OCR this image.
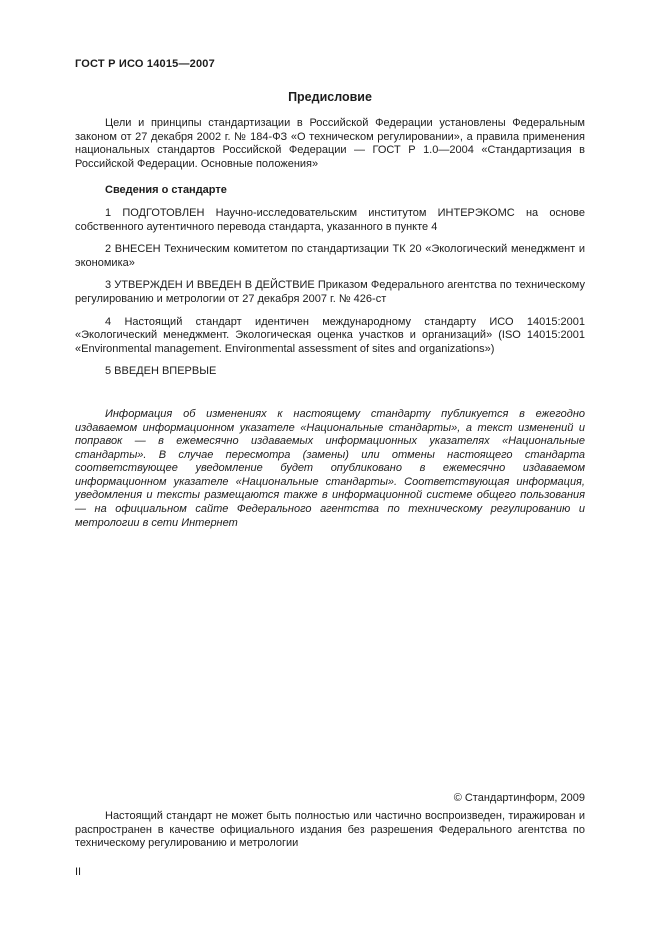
ГОСТ Р ИСО 14015—2007
Предисловие

Цели и принципы стандартизации в Российской Федерации установлены Федеральным законом от 27 декабря 2002 г. № 184-ФЗ «О техническом регулировании», а правила применения национальных стандартов Российской Федерации — ГОСТ Р 1.0—2004 «Стандартизация в Российской Федерации. Основные положения»

Сведения о стандарте

1 ПОДГОТОВЛЕН Научно-исследовательским институтом ИНТЕРЭКОМС на основе собственного аутентичного перевода стандарта, указанного в пункте 4

2 ВНЕСЕН Техническим комитетом по стандартизации ТК 20 «Экологический менеджмент и экономика»

3 УТВЕРЖДЕН И ВВЕДЕН В ДЕЙСТВИЕ Приказом Федерального агентства по техническому регулированию и метрологии от 27 декабря 2007 г. № 426-ст

4 Настоящий стандарт идентичен международному стандарту ИСО 14015:2001 «Экологический менеджмент. Экологическая оценка участков и организаций» (ISO 14015:2001 «Environmental management. Environmental assessment of sites and organizations»)

5 ВВЕДЕН ВПЕРВЫЕ

Информация об изменениях к настоящему стандарту публикуется в ежегодно издаваемом информационном указателе «Национальные стандарты», а текст изменений и поправок — в ежемесячно издаваемых информационных указателях «Национальные стандарты». В случае пересмотра (замены) или отмены настоящего стандарта соответствующее уведомление будет опубликовано в ежемесячно издаваемом информационном указателе «Национальные стандарты». Соответствующая информация, уведомления и тексты размещаются также в информационной системе общего пользования — на официальном сайте Федерального агентства по техническому регулированию и метрологии в сети Интернет

© Стандартинформ, 2009

Настоящий стандарт не может быть полностью или частично воспроизведен, тиражирован и распространен в качестве официального издания без разрешения Федерального агентства по техническому регулированию и метрологии

II
